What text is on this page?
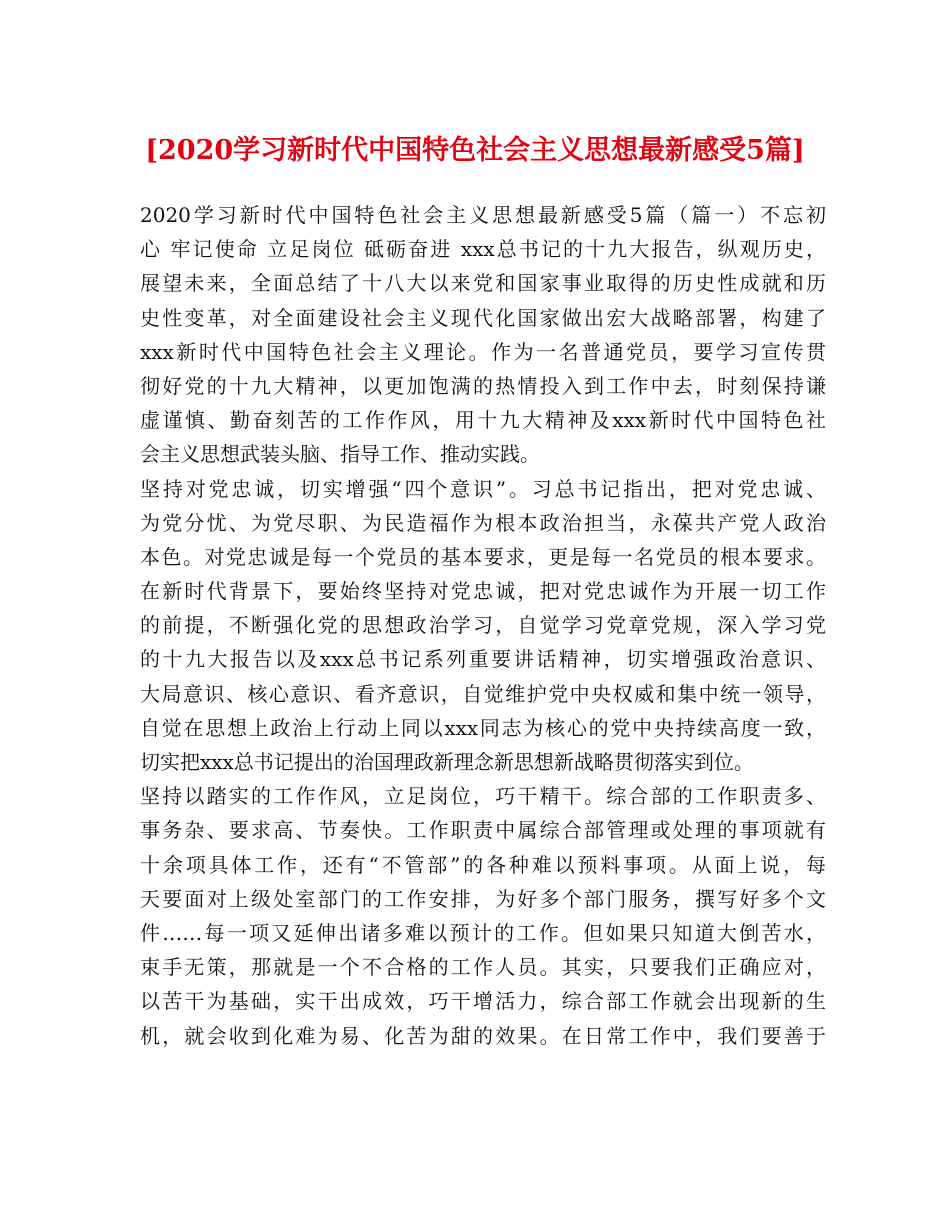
[2020学习新时代中国特色社会主义思想最新感受5篇]
2020学习新时代中国特色社会主义思想最新感受5篇（篇一）不忘初
心 牢记使命 立足岗位 砥砺奋进 xxx总书记的十九大报告，纵观历史，
展望未来，全面总结了十八大以来党和国家事业取得的历史性成就和历
史性变革，对全面建设社会主义现代化国家做出宏大战略部署，构建了
xxx新时代中国特色社会主义理论。作为一名普通党员，要学习宣传贯
彻好党的十九大精神，以更加饱满的热情投入到工作中去，时刻保持谦
虚谨慎、勤奋刻苦的工作作风，用十九大精神及xxx新时代中国特色社
会主义思想武装头脑、指导工作、推动实践。
坚持对党忠诚，切实增强“四个意识”。习总书记指出，把对党忠诚、
为党分忧、为党尽职、为民造福作为根本政治担当，永葆共产党人政治
本色。对党忠诚是每一个党员的基本要求，更是每一名党员的根本要求。
在新时代背景下，要始终坚持对党忠诚，把对党忠诚作为开展一切工作
的前提，不断强化党的思想政治学习，自觉学习党章党规，深入学习党
的十九大报告以及xxx总书记系列重要讲话精神，切实增强政治意识、
大局意识、核心意识、看齐意识，自觉维护党中央权威和集中统一领导，
自觉在思想上政治上行动上同以xxx同志为核心的党中央持续高度一致，
切实把xxx总书记提出的治国理政新理念新思想新战略贯彻落实到位。
坚持以踏实的工作作风，立足岗位，巧干精干。综合部的工作职责多、
事务杂、要求高、节奏快。工作职责中属综合部管理或处理的事项就有
十余项具体工作，还有“不管部”的各种难以预料事项。从面上说，每
天要面对上级处室部门的工作安排，为好多个部门服务，撰写好多个文
件……每一项又延伸出诸多难以预计的工作。但如果只知道大倒苦水，
束手无策，那就是一个不合格的工作人员。其实，只要我们正确应对，
以苦干为基础，实干出成效，巧干增活力，综合部工作就会出现新的生
机，就会收到化难为易、化苦为甜的效果。在日常工作中，我们要善于
